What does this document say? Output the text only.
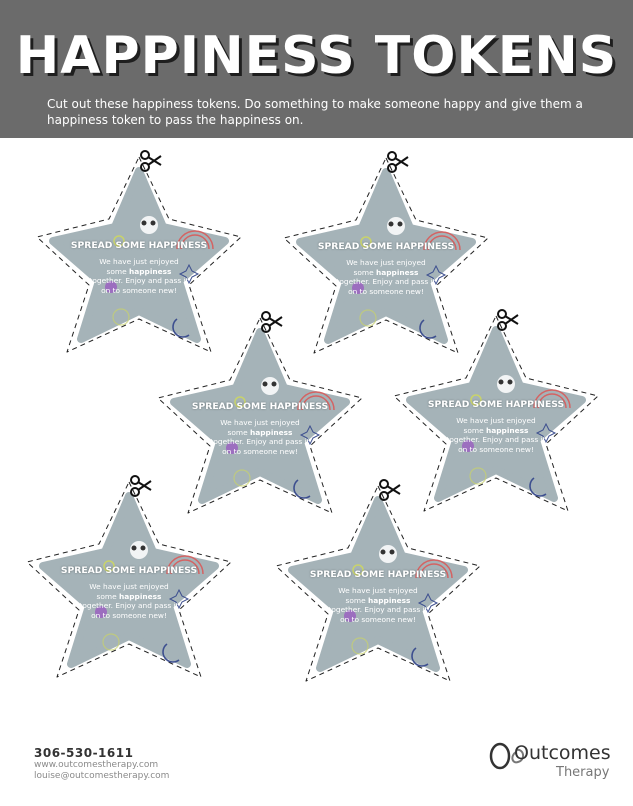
HAPPINESS TOKENS

Cut out these happiness tokens. Do something to make someone happy and give them a happiness token to pass the happiness on.

SPREAD SOME HAPPINESS
We have just enjoyed some happiness together. Enjoy and pass it on to someone new!
SPREAD SOME HAPPINESS
We have just enjoyed some happiness together. Enjoy and pass it on to someone new!
SPREAD SOME HAPPINESS
We have just enjoyed some happiness together. Enjoy and pass it on to someone new!
SPREAD SOME HAPPINESS
We have just enjoyed some happiness together. Enjoy and pass it on to someone new!
SPREAD SOME HAPPINESS
We have just enjoyed some happiness together. Enjoy and pass it on to someone new!
SPREAD SOME HAPPINESS
We have just enjoyed some happiness together. Enjoy and pass it on to someone new!
306-530-1611
www.outcomestherapy.com
louise@outcomestherapy.com
Outcomes
Therapy
